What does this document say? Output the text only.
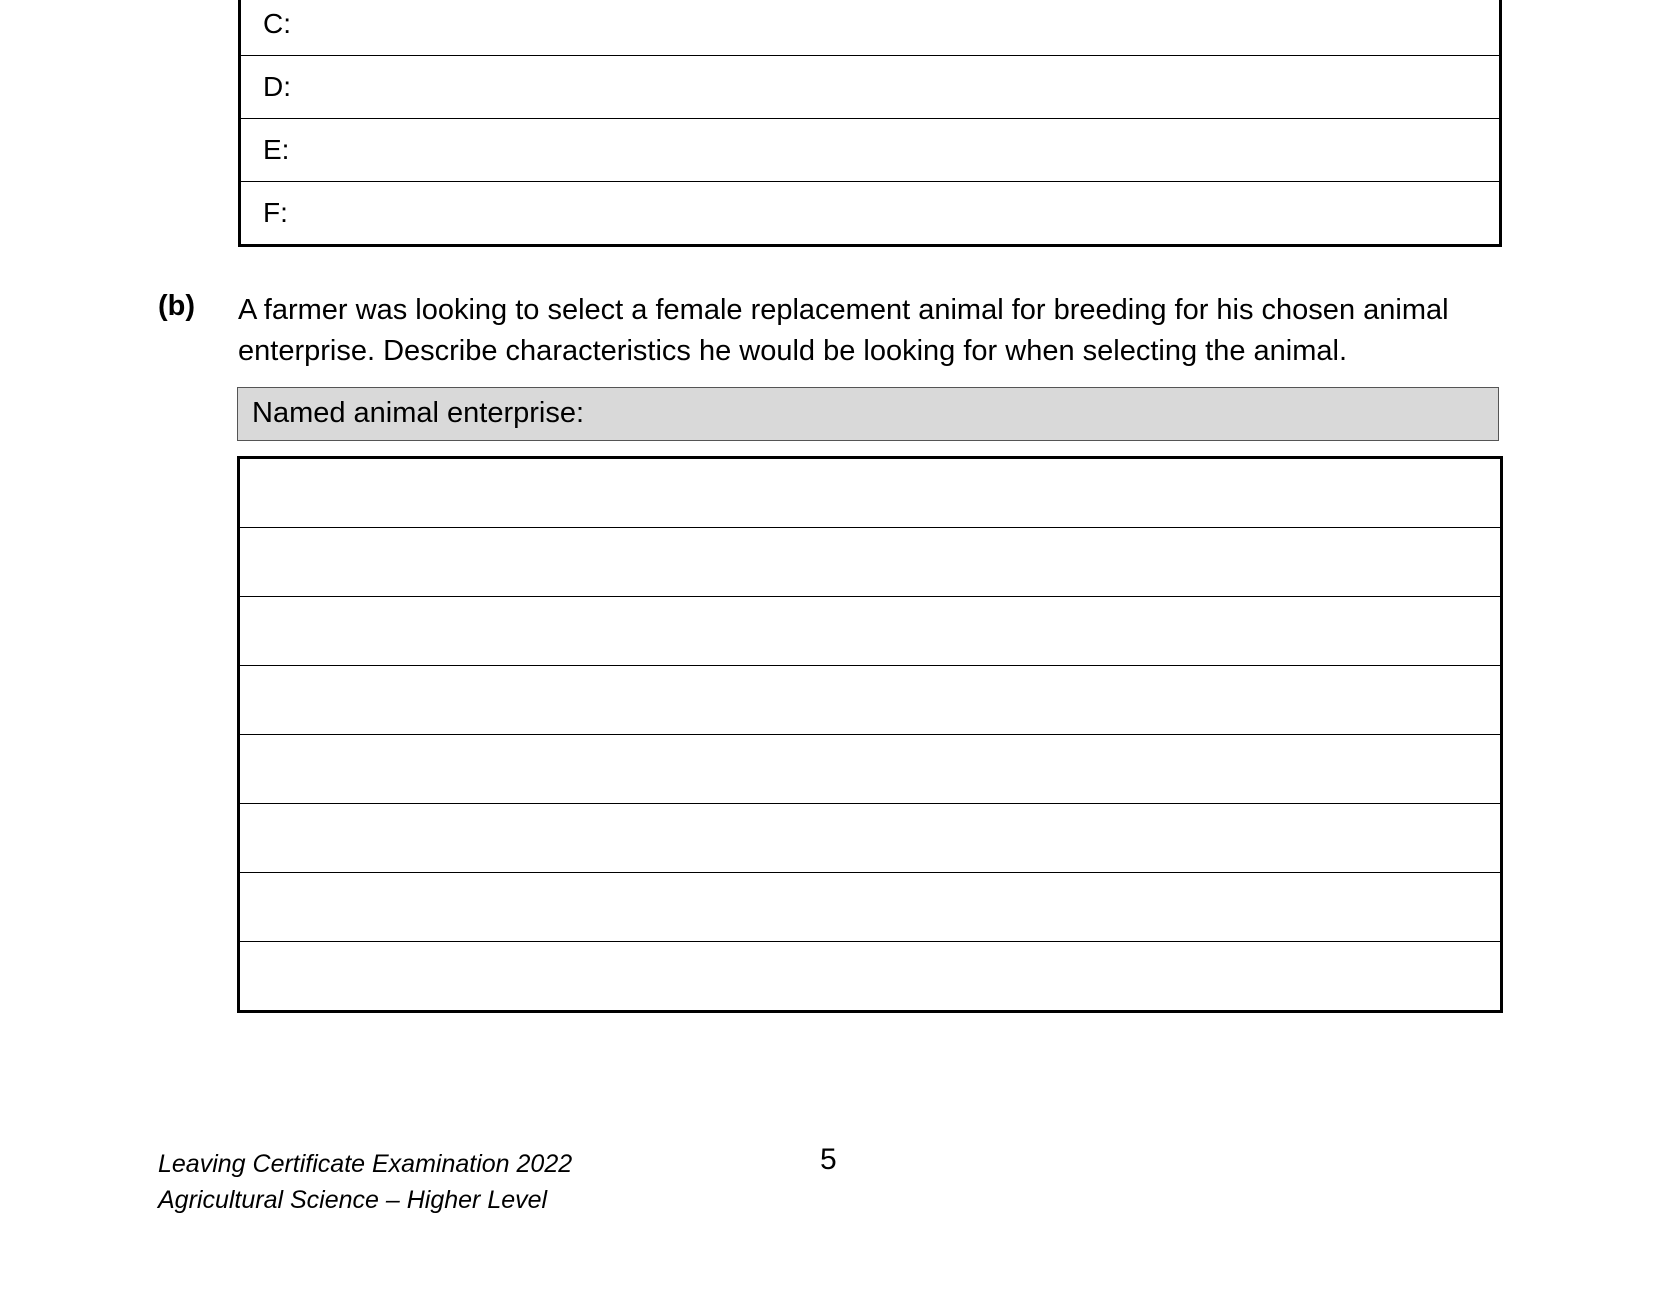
C:
D:
E:
F:
(b) A farmer was looking to select a female replacement animal for breeding for his chosen animal
enterprise. Describe characteristics he would be looking for when selecting the animal.
Named animal enterprise:

Leaving Certificate Examination 2022
Agricultural Science – Higher Level
5
